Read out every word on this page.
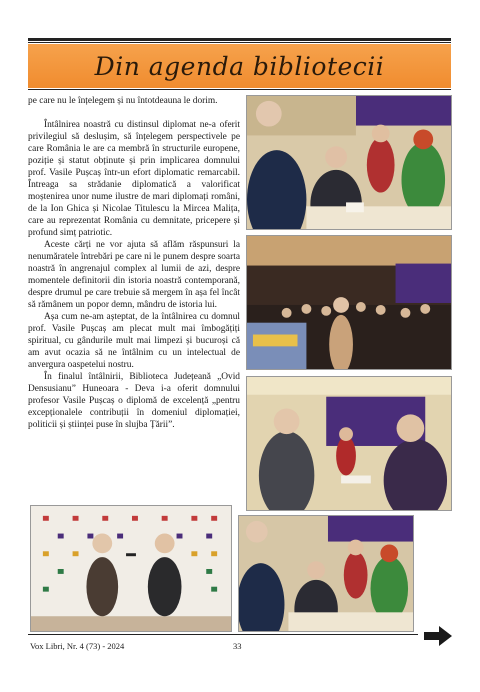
Din agenda bibliotecii

pe care nu le înțelegem și nu întotdeauna le dorim.

Întâlnirea noastră cu distinsul diplomat ne-a oferit privilegiul să deslușim, să înțelegem perspectivele pe care România le are ca membră în structurile europene, poziție și statut obținute și prin implicarea domnului prof. Vasile Pușcaș într-un efort diplomatic remarcabil. Întreaga sa strădanie diplomatică a valorificat moștenirea unor nume ilustre de mari diplomați români, de la Ion Ghica și Nicolae Titulescu la Mircea Malița, care au reprezentat România cu demnitate, pricepere și profund simț patriotic.

Aceste cărți ne vor ajuta să aflăm răspunsuri la nenumăratele întrebări pe care ni le punem despre soarta noastră în angrenajul complex al lumii de azi, despre momentele definitorii din istoria noastră contemporană, despre drumul pe care trebuie să mergem în așa fel încât să rămânem un popor demn, mândru de istoria lui.

Așa cum ne-am așteptat, de la întâlnirea cu domnul prof. Vasile Pușcaș am plecat mult mai îmbogățiți spiritual, cu gândurile mult mai limpezi și bucuroși că am avut ocazia să ne întâlnim cu un intelectual de anvergura oaspetelui nostru.

În finalul întâlnirii, Biblioteca Județeană „Ovid Densusianu” Huneoara - Deva i-a oferit domnului profesor Vasile Pușcaș o diplomă de excelență „pentru excepționalele contribuții în domeniul diplomației, politicii și științei puse în slujba Țării”.

Vox Libri, Nr. 4 (73) - 2024	33
